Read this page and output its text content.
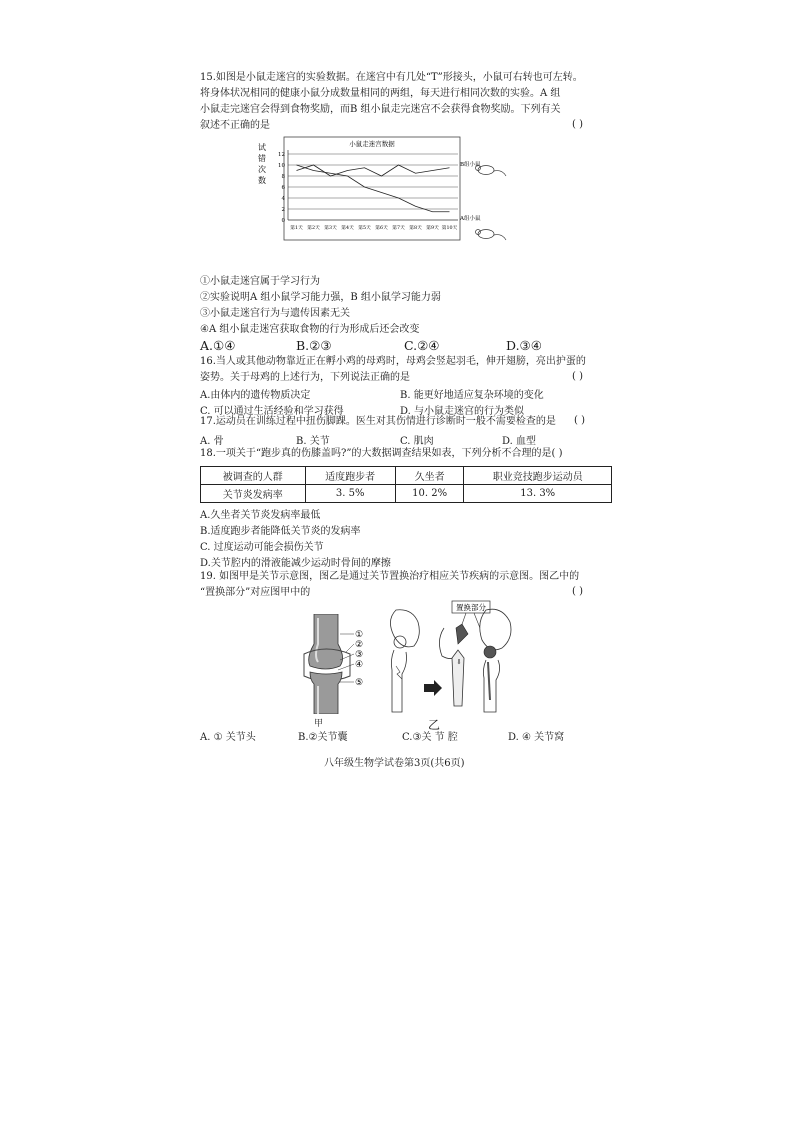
15.如图是小鼠走迷宫的实验数据。在迷宫中有几处“T”形接头，小鼠可右转也可左转。
将身体状况相同的健康小鼠分成数量相同的两组，每天进行相同次数的实验。A 组
小鼠走完迷宫会得到食物奖励，而B 组小鼠走完迷宫不会获得食物奖励。下列有关
叙述不正确的是	( )
小鼠走迷宫数据
试
错
次
数
0
2
4
6
8
10
12
第1天 第2天 第3天 第4天 第5天 第6天 第7天 第8天 第9天 第10天
B组小鼠
A组小鼠
①小鼠走迷宫属于学习行为
②实验说明A 组小鼠学习能力强，B 组小鼠学习能力弱
③小鼠走迷宫行为与遗传因素无关
④A 组小鼠走迷宫获取食物的行为形成后还会改变
A.①④	B.②③	C.②④	D.③④
16.当人或其他动物靠近正在孵小鸡的母鸡时，母鸡会竖起羽毛，伸开翅膀，亮出护蛋的
姿势。关于母鸡的上述行为，下列说法正确的是	( )
A.由体内的遗传物质决定	B. 能更好地适应复杂环境的变化
C. 可以通过生活经验和学习获得	D. 与小鼠走迷宫的行为类似
17.运动员在训练过程中扭伤脚踝。医生对其伤情进行诊断时一般不需要检查的是 ( )
A. 骨	B. 关节	C. 肌肉	D. 血型
18.一项关于“跑步真的伤膝盖吗?”的大数据调查结果如表，下列分析不合理的是( )
被调查的人群	适度跑步者	久坐者	职业竞技跑步运动员
关节炎发病率	3. 5%	10. 2%	13. 3%
A.久坐者关节炎发病率最低
B.适度跑步者能降低关节炎的发病率
C. 过度运动可能会损伤关节
D.关节腔内的滑液能减少运动时骨间的摩擦
19. 如图甲是关节示意图，图乙是通过关节置换治疗相应关节疾病的示意图。图乙中的
“置换部分”对应图甲中的	( )
①
②
③
④
⑤
甲
置换部分
⇓
乙
A. ① 关节头	B.②关节囊	C.③关 节 腔	D. ④ 关节窝
八年级生物学试卷第3页(共6页)
